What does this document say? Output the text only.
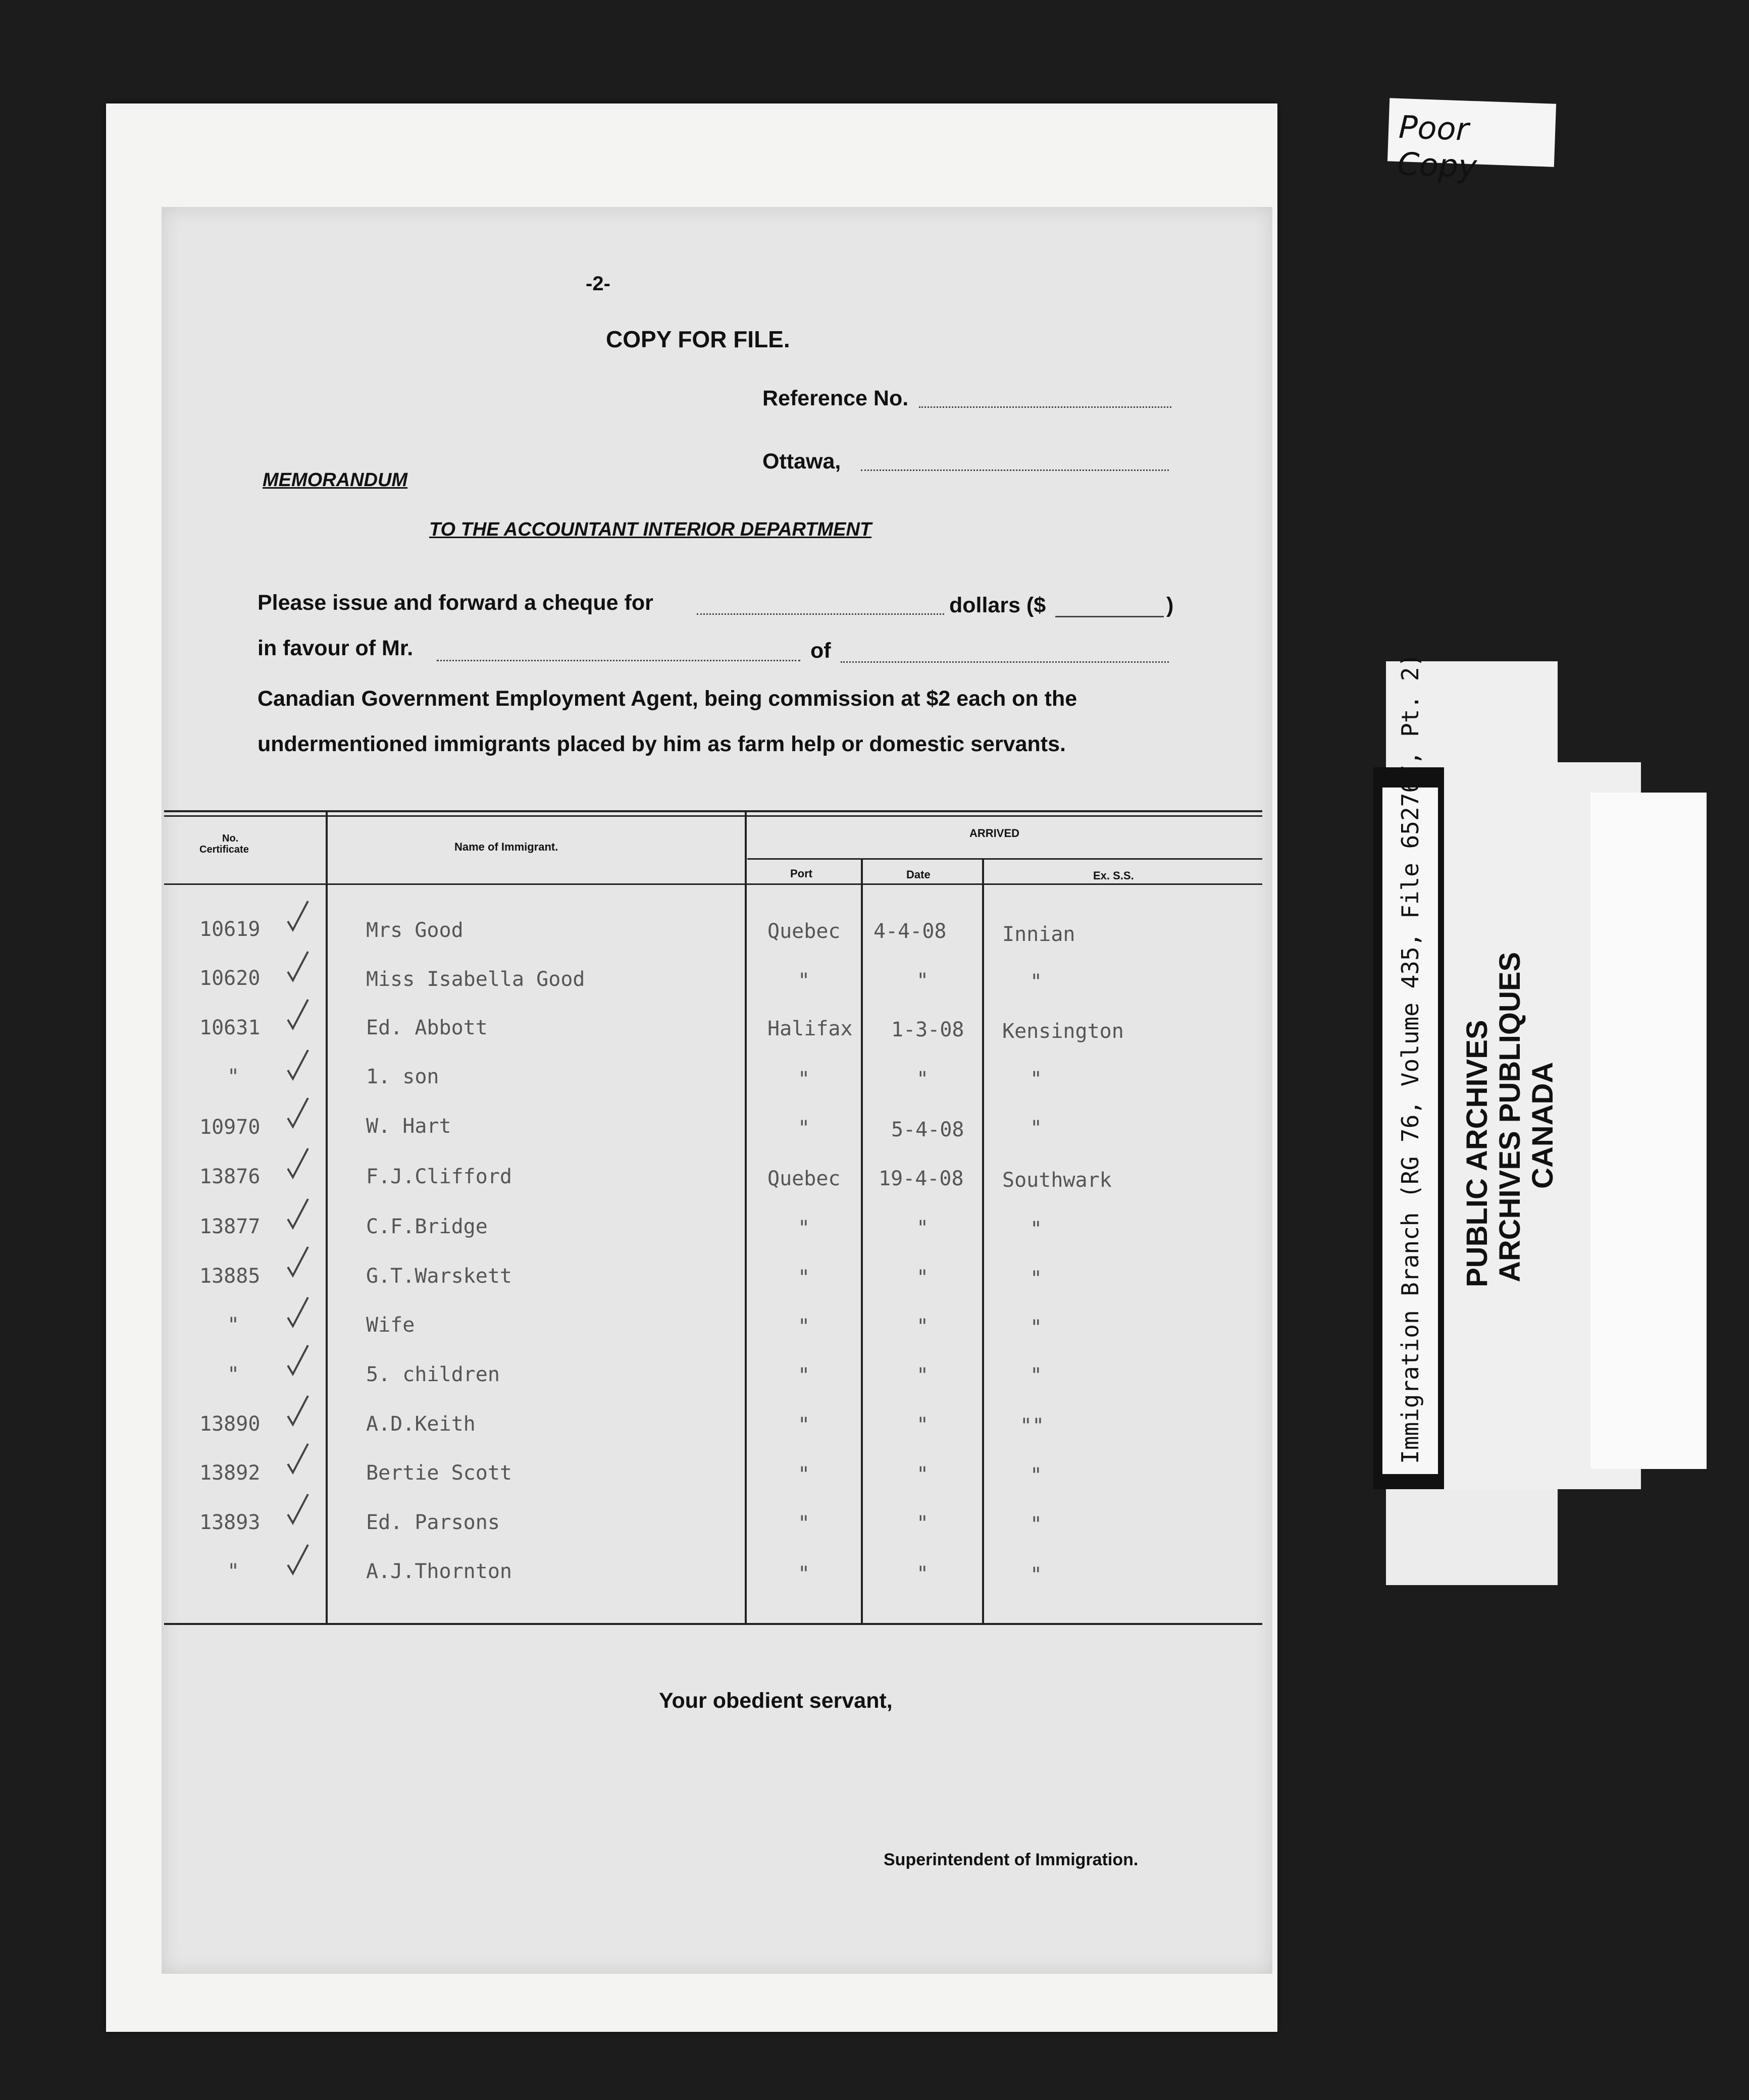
Poor Copy
Immigration Branch (RG 76, Volume 435, File 652767, Pt. 2) PUBLIC ARCHIVES ARCHIVES PUBLIQUES CANADA
-2-
COPY FOR FILE.
Reference No.
Ottawa,
MEMORANDUM
TO THE ACCOUNTANT INTERIOR DEPARTMENT
Please issue and forward a cheque for	dollars ($	)
in favour of Mr.	of
Canadian Government Employment Agent, being commission at $2 each on the
undermentioned immigrants placed by him as farm help or domestic servants.
No.
Certificate	Name of Immigrant.
ARRIVED
Port	Date	Ex. S.S.
10619	Mrs Good	Quebec 4-4-08	Innian
10620	Miss Isabella Good	"	"	"
10631	Ed. Abbott	Halifax 1-3-08 Kensington
"	1. son	"	"	"
10970	W. Hart	"	5-4-08	"
13876	F.J.Clifford	Quebec 19-4-08 Southwark
13877	C.F.Bridge	"	"	"
13885	G.T.Warskett	"	"	"
"	Wife	"	"	"
"	5. children	"	"	"
13890	A.D.Keith	"	"	""
13892	Bertie Scott	"	"	"
13893	Ed. Parsons	"	"	"
"	A.J.Thornton	"	"	"
Your obedient servant,
Superintendent of Immigration.
